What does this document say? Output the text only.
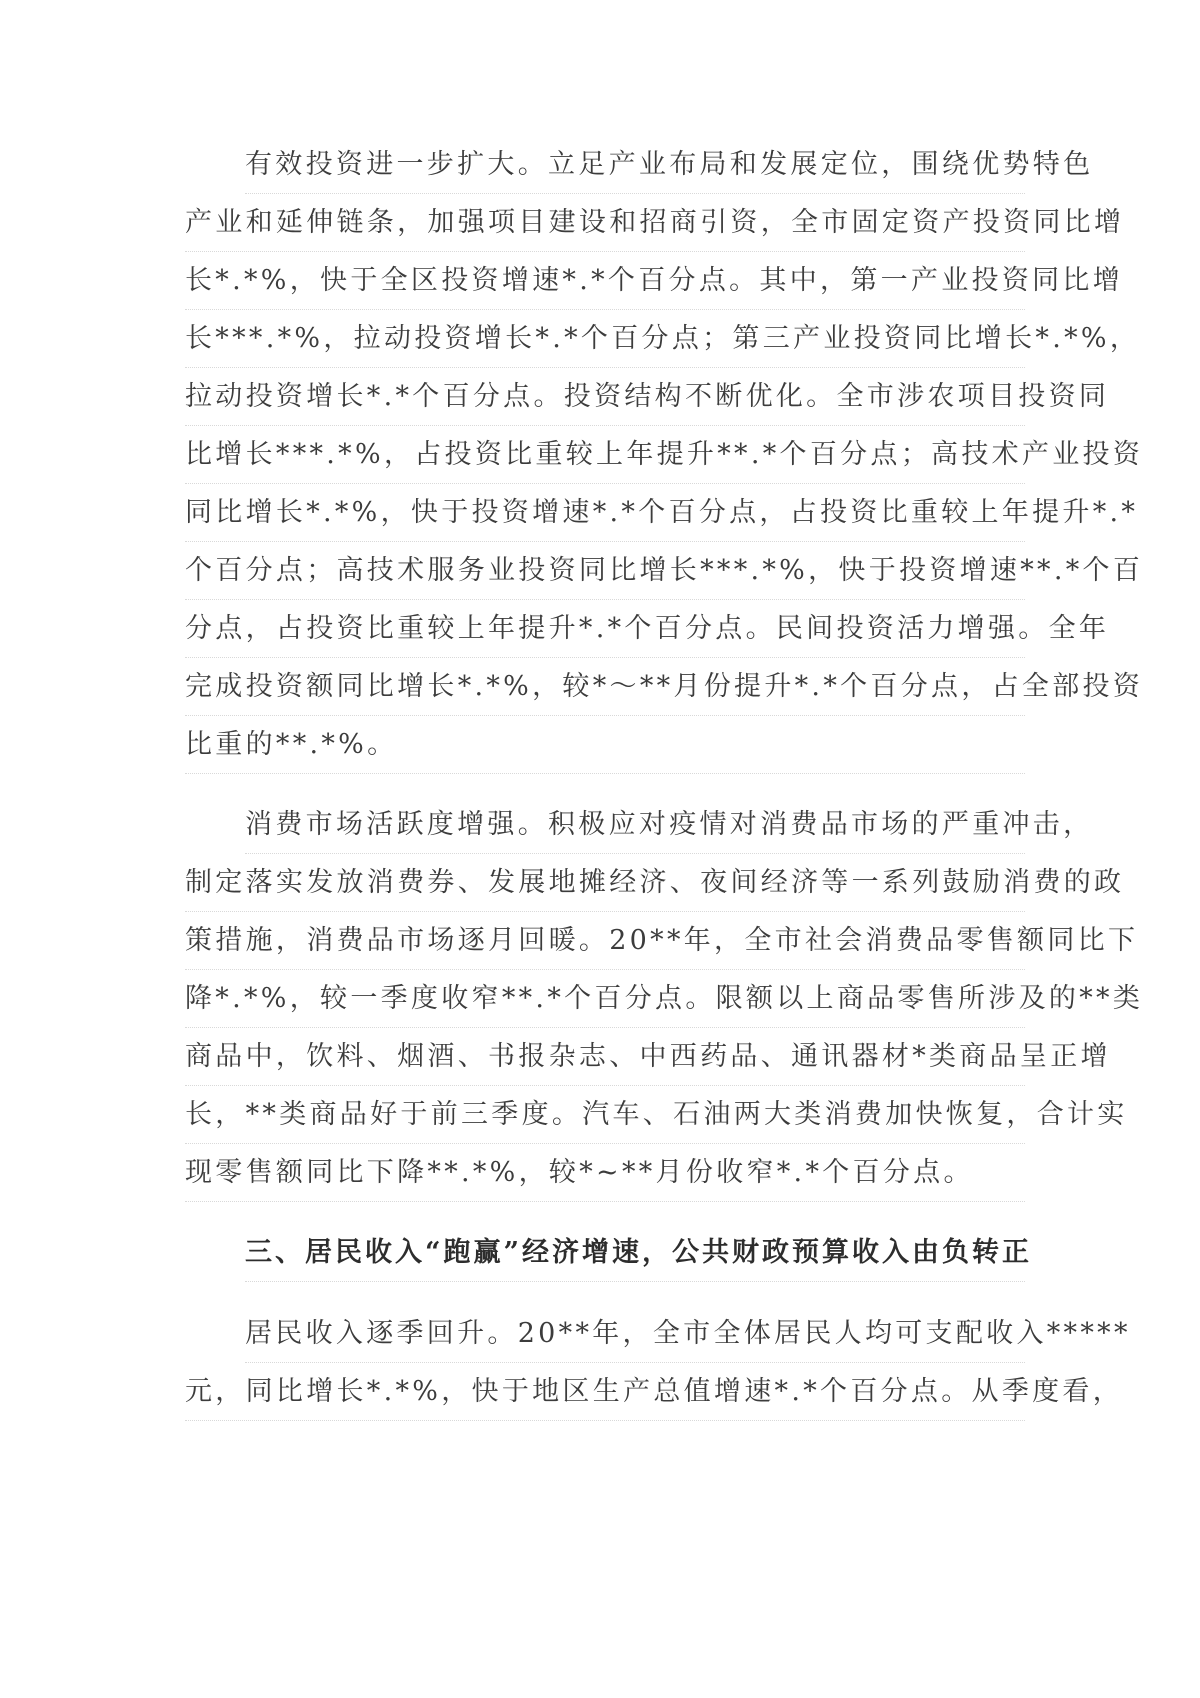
有效投资进一步扩大。立足产业布局和发展定位，围绕优势特色
产业和延伸链条，加强项目建设和招商引资，全市固定资产投资同比增
长*.*%，快于全区投资增速*.*个百分点。其中，第一产业投资同比增
长***.*%，拉动投资增长*.*个百分点；第三产业投资同比增长*.*%，
拉动投资增长*.*个百分点。投资结构不断优化。全市涉农项目投资同
比增长***.*%，占投资比重较上年提升**.*个百分点；高技术产业投资
同比增长*.*%，快于投资增速*.*个百分点，占投资比重较上年提升*.*
个百分点；高技术服务业投资同比增长***.*%，快于投资增速**.*个百
分点，占投资比重较上年提升*.*个百分点。民间投资活力增强。全年
完成投资额同比增长*.*%，较*～**月份提升*.*个百分点，占全部投资
比重的**.*%。
消费市场活跃度增强。积极应对疫情对消费品市场的严重冲击，
制定落实发放消费券、发展地摊经济、夜间经济等一系列鼓励消费的政
策措施，消费品市场逐月回暖。20**年，全市社会消费品零售额同比下
降*.*%，较一季度收窄**.*个百分点。限额以上商品零售所涉及的**类
商品中，饮料、烟酒、书报杂志、中西药品、通讯器材*类商品呈正增
长，**类商品好于前三季度。汽车、石油两大类消费加快恢复，合计实
现零售额同比下降**.*%，较*~**月份收窄*.*个百分点。
三、居民收入“跑赢”经济增速，公共财政预算收入由负转正
居民收入逐季回升。20**年，全市全体居民人均可支配收入*****
元，同比增长*.*%，快于地区生产总值增速*.*个百分点。从季度看，
